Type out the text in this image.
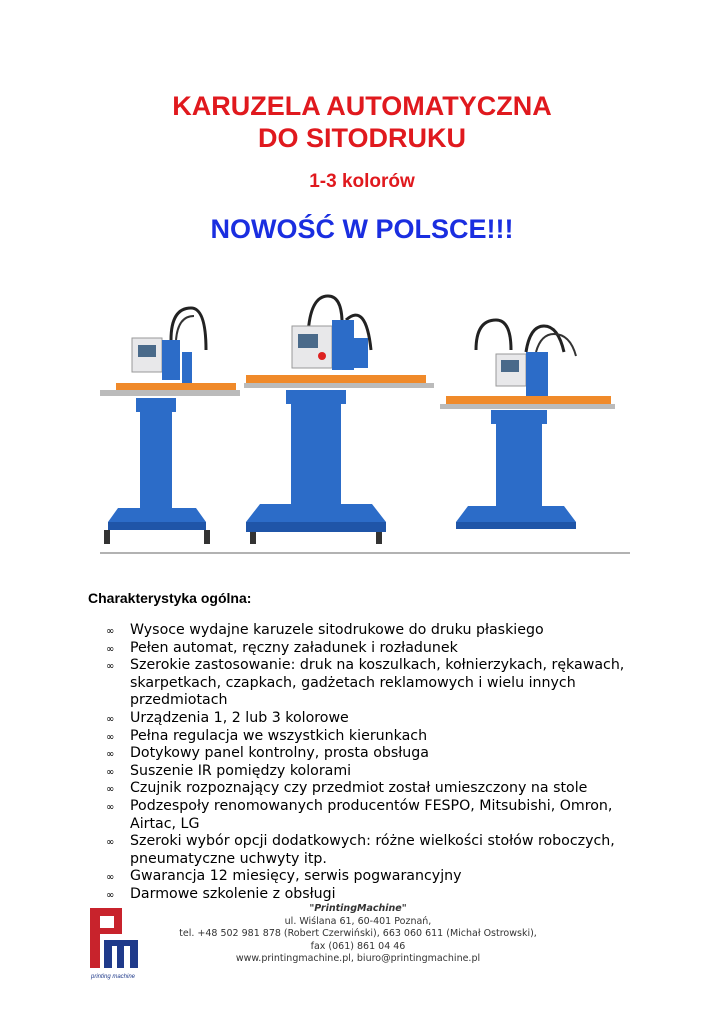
KARUZELA AUTOMATYCZNA
DO SITODRUKU
1-3 kolorów
NOWOŚĆ W POLSCE!!!
Charakterystyka ogólna:
∞ Wysoce wydajne karuzele sitodrukowe do druku płaskiego
∞ Pełen automat, ręczny załadunek i rozładunek
∞ Szerokie zastosowanie: druk na koszulkach, kołnierzykach, rękawach, skarpetkach, czapkach, gadżetach reklamowych i wielu innych przedmiotach
∞ Urządzenia 1, 2 lub 3 kolorowe
∞ Pełna regulacja we wszystkich kierunkach
∞ Dotykowy panel kontrolny, prosta obsługa
∞ Suszenie IR pomiędzy kolorami
∞ Czujnik rozpoznający czy przedmiot został umieszczony na stole
∞ Podzespoły renomowanych producentów FESPO, Mitsubishi, Omron, Airtac, LG
∞ Szeroki wybór opcji dodatkowych: różne wielkości stołów roboczych, pneumatyczne uchwyty itp.
∞ Gwarancja 12 miesięcy, serwis pogwarancyjny
∞ Darmowe szkolenie z obsługi
printing machine
"PrintingMachine"
ul. Wiślana 61, 60-401 Poznań,
tel. +48 502 981 878 (Robert Czerwiński), 663 060 611 (Michał Ostrowski),
fax (061) 861 04 46
www.printingmachine.pl, biuro@printingmachine.pl
